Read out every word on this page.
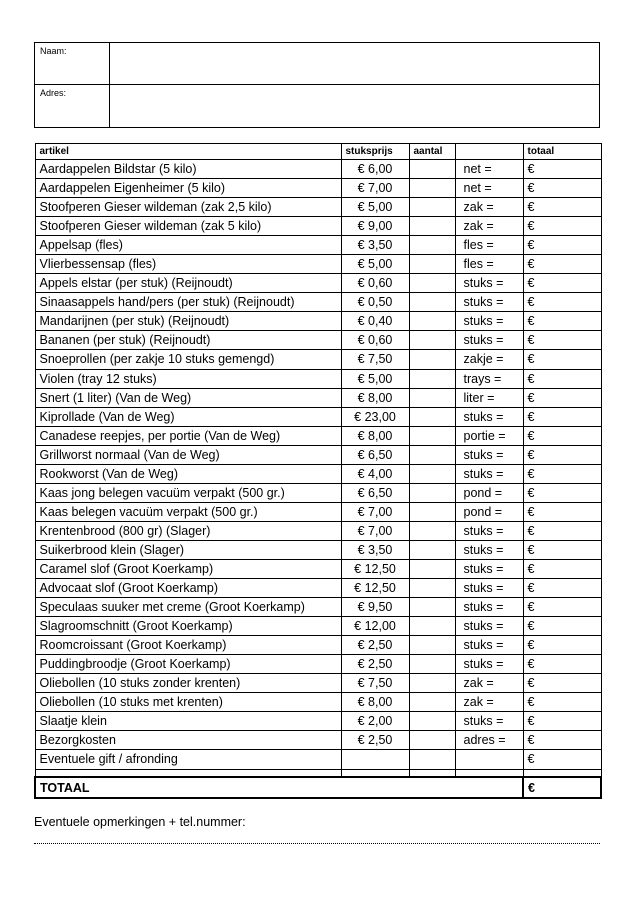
Naam:
Adres:
artikel	stuksprijs	aantal		totaal
Aardappelen Bildstar (5 kilo)	€ 6,00		net =	€
Aardappelen Eigenheimer (5 kilo)	€ 7,00		net =	€
Stoofperen Gieser wildeman (zak 2,5 kilo)	€ 5,00		zak =	€
Stoofperen Gieser wildeman (zak 5 kilo)	€ 9,00		zak =	€
Appelsap (fles)	€ 3,50		fles =	€
Vlierbessensap (fles)	€ 5,00		fles =	€
Appels elstar (per stuk) (Reijnoudt)	€ 0,60		stuks =	€
Sinaasappels hand/pers (per stuk) (Reijnoudt)	€ 0,50		stuks =	€
Mandarijnen (per stuk) (Reijnoudt)	€ 0,40		stuks =	€
Bananen (per stuk) (Reijnoudt)	€ 0,60		stuks =	€
Snoeprollen (per zakje 10 stuks gemengd)	€ 7,50		zakje =	€
Violen (tray 12 stuks)	€ 5,00		trays =	€
Snert (1 liter) (Van de Weg)	€ 8,00		liter =	€
Kiprollade (Van de Weg)	€ 23,00		stuks =	€
Canadese reepjes, per portie (Van de Weg)	€ 8,00		portie =	€
Grillworst normaal (Van de Weg)	€ 6,50		stuks =	€
Rookworst (Van de Weg)	€ 4,00		stuks =	€
Kaas jong belegen vacuüm verpakt (500 gr.)	€ 6,50		pond =	€
Kaas belegen vacuüm verpakt (500 gr.)	€ 7,00		pond =	€
Krentenbrood (800 gr) (Slager)	€ 7,00		stuks =	€
Suikerbrood klein (Slager)	€ 3,50		stuks =	€
Caramel slof (Groot Koerkamp)	€ 12,50		stuks =	€
Advocaat slof (Groot Koerkamp)	€ 12,50		stuks =	€
Speculaas suuker met creme (Groot Koerkamp)	€ 9,50		stuks =	€
Slagroomschnitt (Groot Koerkamp)	€ 12,00		stuks =	€
Roomcroissant (Groot Koerkamp)	€ 2,50		stuks =	€
Puddingbroodje (Groot Koerkamp)	€ 2,50		stuks =	€
Oliebollen (10 stuks zonder krenten)	€ 7,50		zak =	€
Oliebollen (10 stuks met krenten)	€ 8,00		zak =	€
Slaatje klein	€ 2,00		stuks =	€
Bezorgkosten	€ 2,50		adres =	€
Eventuele gift / afronding				€

TOTAAL				€
Eventuele opmerkingen + tel.nummer:
